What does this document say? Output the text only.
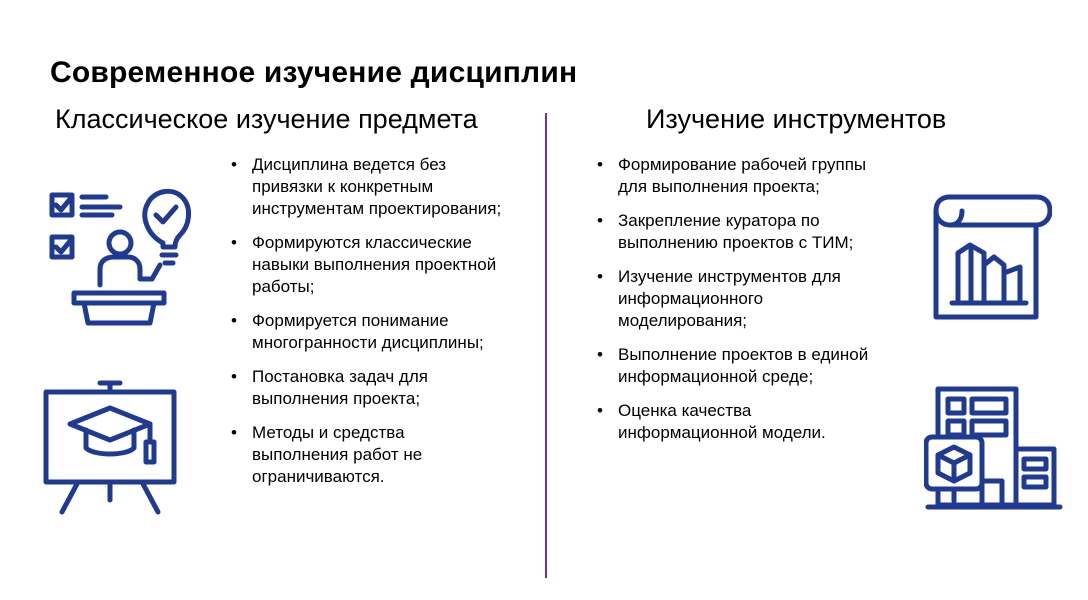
Современное изучение дисциплин
Классическое изучение предмета	Изучение инструментов
• Дисциплина ведется без привязки к конкретным инструментам проектирования;
• Формируются классические навыки выполнения проектной работы;
• Формируется понимание многогранности дисциплины;
• Постановка задач для выполнения проекта;
• Методы и средства выполнения работ не ограничиваются.
• Формирование рабочей группы для выполнения проекта;
• Закрепление куратора по выполнению проектов с ТИМ;
• Изучение инструментов для информационного моделирования;
• Выполнение проектов в единой информационной среде;
• Оценка качества информационной модели.
